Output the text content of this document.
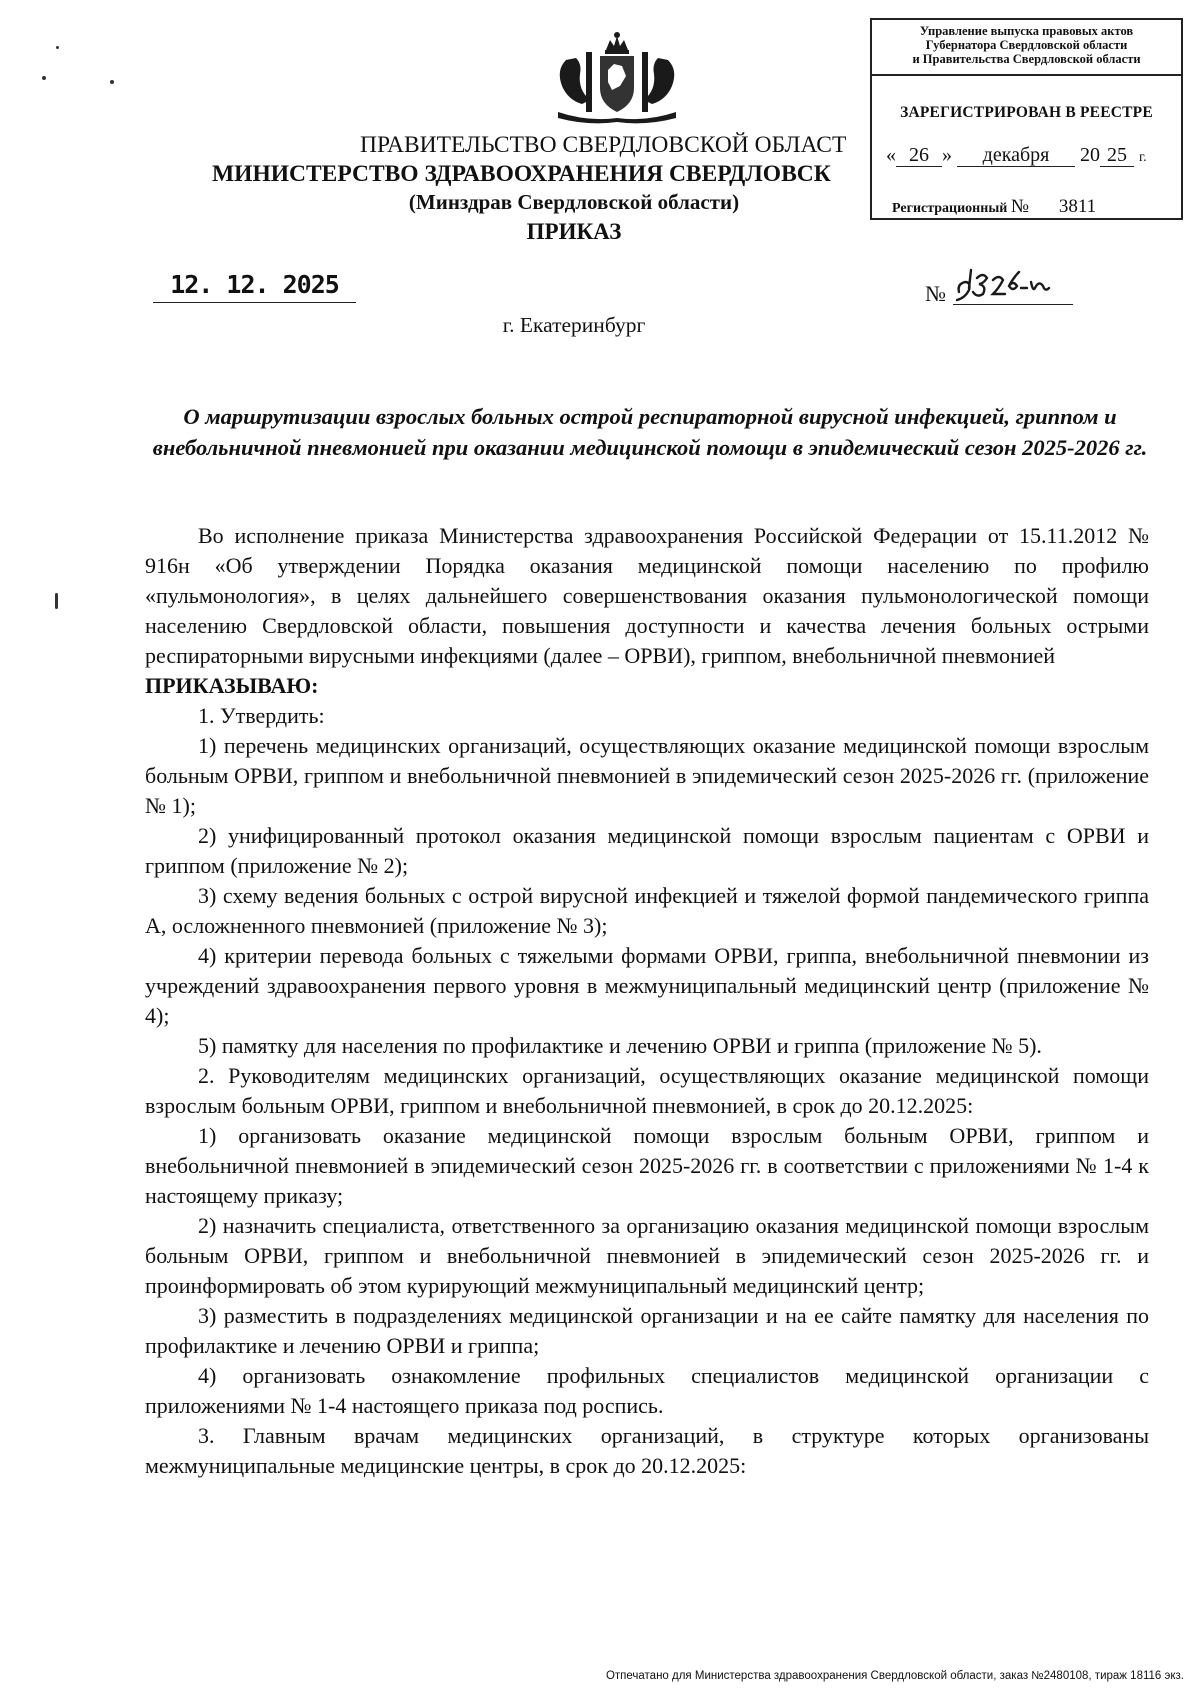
Управление выпуска правовых актов
Губернатора Свердловской области
и Правительства Свердловской области
ЗАРЕГИСТРИРОВАН В РЕЕСТРЕ
« 26 » декабря 20 25 г.
Регистрационный № 3811
ПРАВИТЕЛЬСТВО СВЕРДЛОВСКОЙ ОБЛАСТ
МИНИСТЕРСТВО ЗДРАВООХРАНЕНИЯ СВЕРДЛОВСК
(Минздрав Свердловской области)
ПРИКАЗ
12. 12. 2025	№
г. Екатеринбург
О маршрутизации взрослых больных острой респираторной вирусной инфекцией, гриппом и внебольничной пневмонией при оказании медицинской помощи в эпидемический сезон 2025-2026 гг.

Во исполнение приказа Министерства здравоохранения Российской Федерации от 15.11.2012 № 916н «Об утверждении Порядка оказания медицинской помощи населению по профилю «пульмонология», в целях дальнейшего совершенствования оказания пульмонологической помощи населению Свердловской области, повышения доступности и качества лечения больных острыми респираторными вирусными инфекциями (далее – ОРВИ), гриппом, внебольничной пневмонией

ПРИКАЗЫВАЮ:

1. Утвердить:

1) перечень медицинских организаций, осуществляющих оказание медицинской помощи взрослым больным ОРВИ, гриппом и внебольничной пневмонией в эпидемический сезон 2025-2026 гг. (приложение № 1);

2) унифицированный протокол оказания медицинской помощи взрослым пациентам с ОРВИ и гриппом (приложение № 2);

3) схему ведения больных с острой вирусной инфекцией и тяжелой формой пандемического гриппа А, осложненного пневмонией (приложение № 3);

4) критерии перевода больных с тяжелыми формами ОРВИ, гриппа, внебольничной пневмонии из учреждений здравоохранения первого уровня в межмуниципальный медицинский центр (приложение № 4);

5) памятку для населения по профилактике и лечению ОРВИ и гриппа (приложение № 5).

2. Руководителям медицинских организаций, осуществляющих оказание медицинской помощи взрослым больным ОРВИ, гриппом и внебольничной пневмонией, в срок до 20.12.2025:

1) организовать оказание медицинской помощи взрослым больным ОРВИ, гриппом и внебольничной пневмонией в эпидемический сезон 2025-2026 гг. в соответствии с приложениями № 1-4 к настоящему приказу;

2) назначить специалиста, ответственного за организацию оказания медицинской помощи взрослым больным ОРВИ, гриппом и внебольничной пневмонией в эпидемический сезон 2025-2026 гг. и проинформировать об этом курирующий межмуниципальный медицинский центр;

3) разместить в подразделениях медицинской организации и на ее сайте памятку для населения по профилактике и лечению ОРВИ и гриппа;

4) организовать ознакомление профильных специалистов медицинской организации с приложениями № 1-4 настоящего приказа под роспись.

3. Главным врачам медицинских организаций, в структуре которых организованы межмуниципальные медицинские центры, в срок до 20.12.2025:

Отпечатано для Министерства здравоохранения Свердловской области, заказ №2480108, тираж 18116 экз.
